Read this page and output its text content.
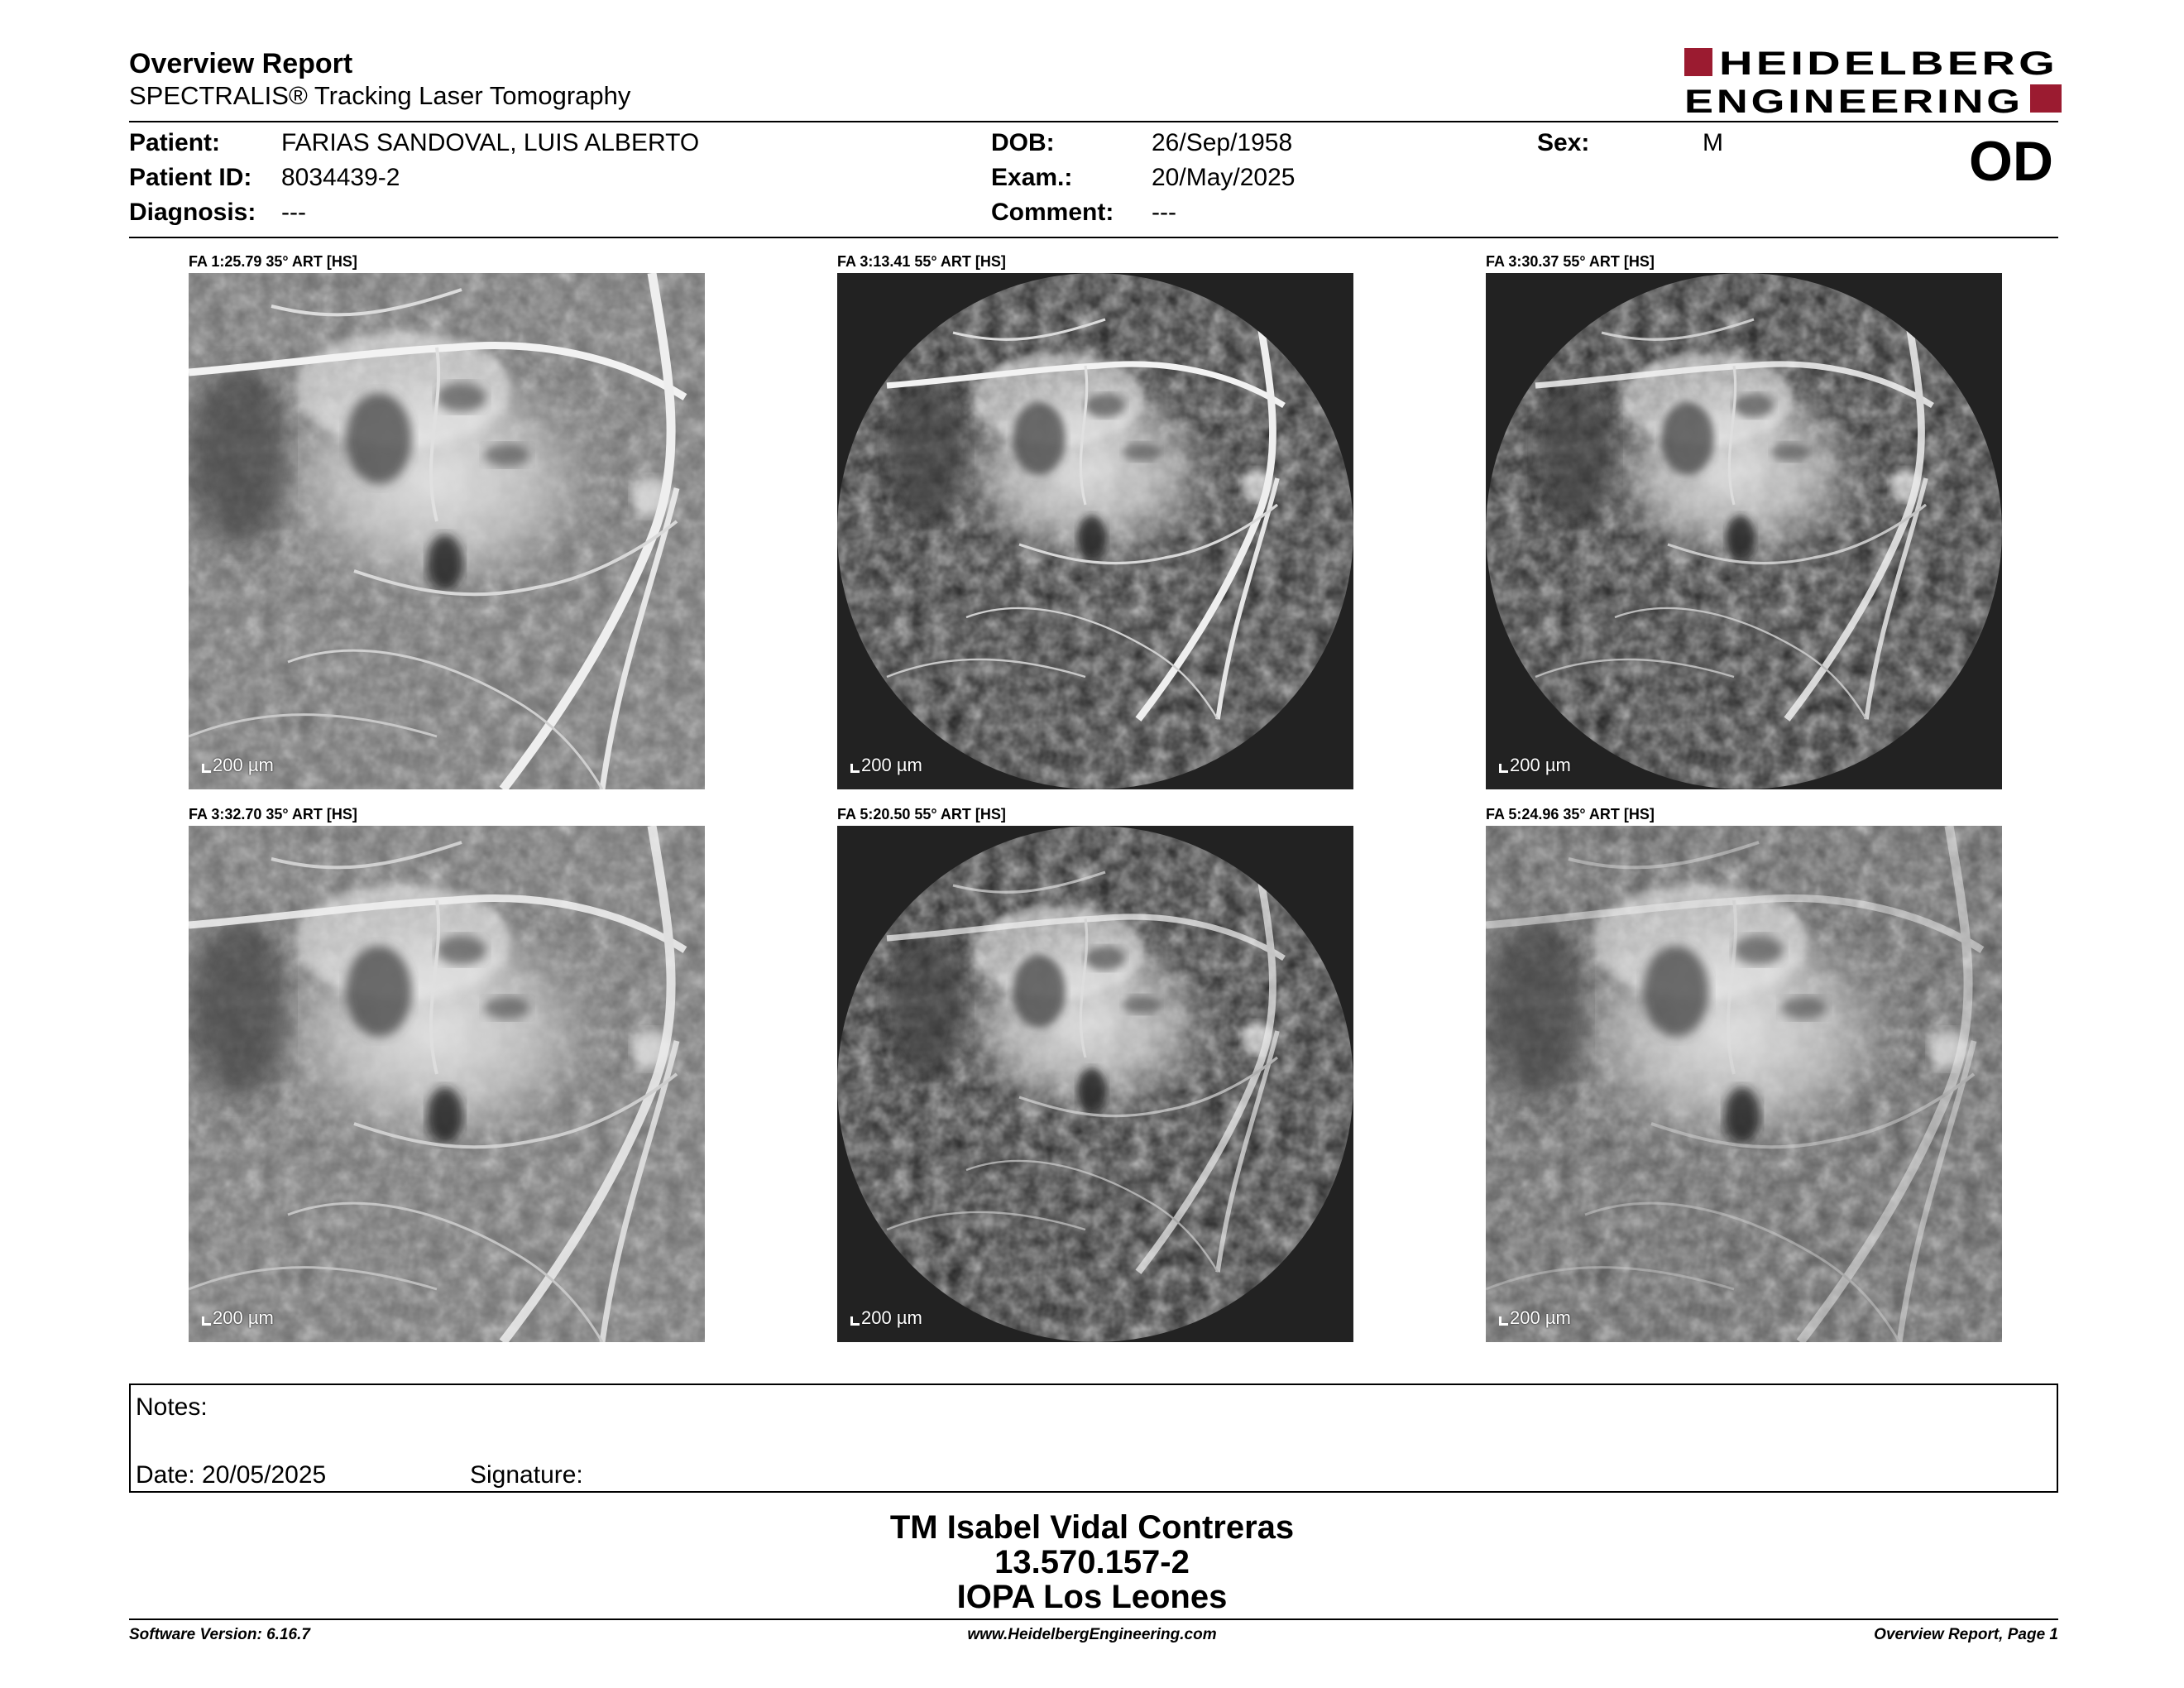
Overview Report
SPECTRALIS® Tracking Laser Tomography
HEIDELBERG
ENGINEERING
Patient: FARIAS SANDOVAL, LUIS ALBERTO	DOB:	26/Sep/1958	Sex:	M
Patient ID: 8034439-2	Exam.:	20/May/2025
Diagnosis: ---	Comment: ---
OD
FA 1:25.79 35° ART [HS]
200 µm
FA 3:13.41 55° ART [HS]
200 µm
FA 3:30.37 55° ART [HS]
200 µm
FA 3:32.70 35° ART [HS]
200 µm
FA 5:20.50 55° ART [HS]
200 µm
FA 5:24.96 35° ART [HS]
200 µm
Notes:
Date: 20/05/2025	Signature:
TM Isabel Vidal Contreras
13.570.157-2
IOPA Los Leones
Software Version: 6.16.7	www.HeidelbergEngineering.com	Overview Report, Page 1
